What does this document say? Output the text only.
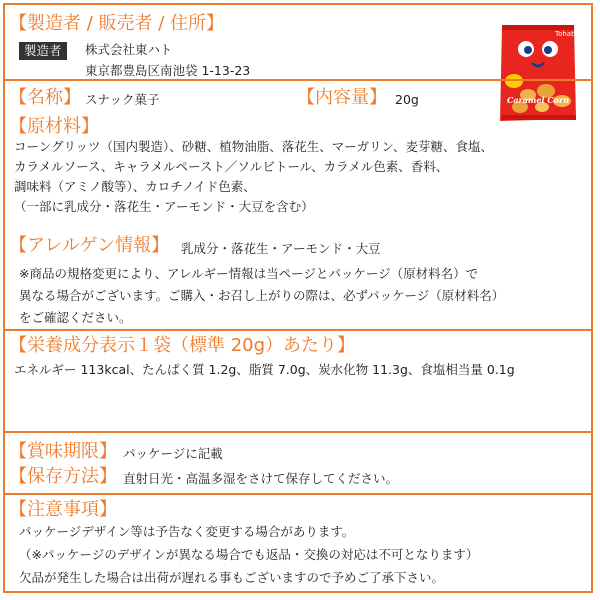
【製造者 / 販売者 / 住所】
製造者	株式会社東ハト
東京都豊島区南池袋 1-13-23
Tohato
Caramel Corn
【名称】 スナック菓子	【内容量】 20g
【原材料】
コーングリッツ（国内製造）、砂糖、植物油脂、落花生、マーガリン、麦芽糖、食塩、
カラメルソース、キャラメルペースト／ソルビトール、カラメル色素、香料、
調味料（アミノ酸等）、カロチノイド色素、
（一部に乳成分・落花生・アーモンド・大豆を含む）
【アレルゲン情報】 乳成分・落花生・アーモンド・大豆
※商品の規格変更により、アレルギー情報は当ページとパッケージ（原材料名）で
異なる場合がございます。ご購入・お召し上がりの際は、必ずパッケージ（原材料名）
をご確認ください。
【栄養成分表示１袋（標準 20g）あたり】
エネルギー 113kcal、たんぱく質 1.2g、脂質 7.0g、炭水化物 11.3g、食塩相当量 0.1g
【賞味期限】 パッケージに記載
【保存方法】 直射日光・高温多湿をさけて保存してください。
【注意事項】
パッケージデザイン等は予告なく変更する場合があります。
（※パッケージのデザインが異なる場合でも返品・交換の対応は不可となります）
欠品が発生した場合は出荷が遅れる事もございますので予めご了承下さい。
